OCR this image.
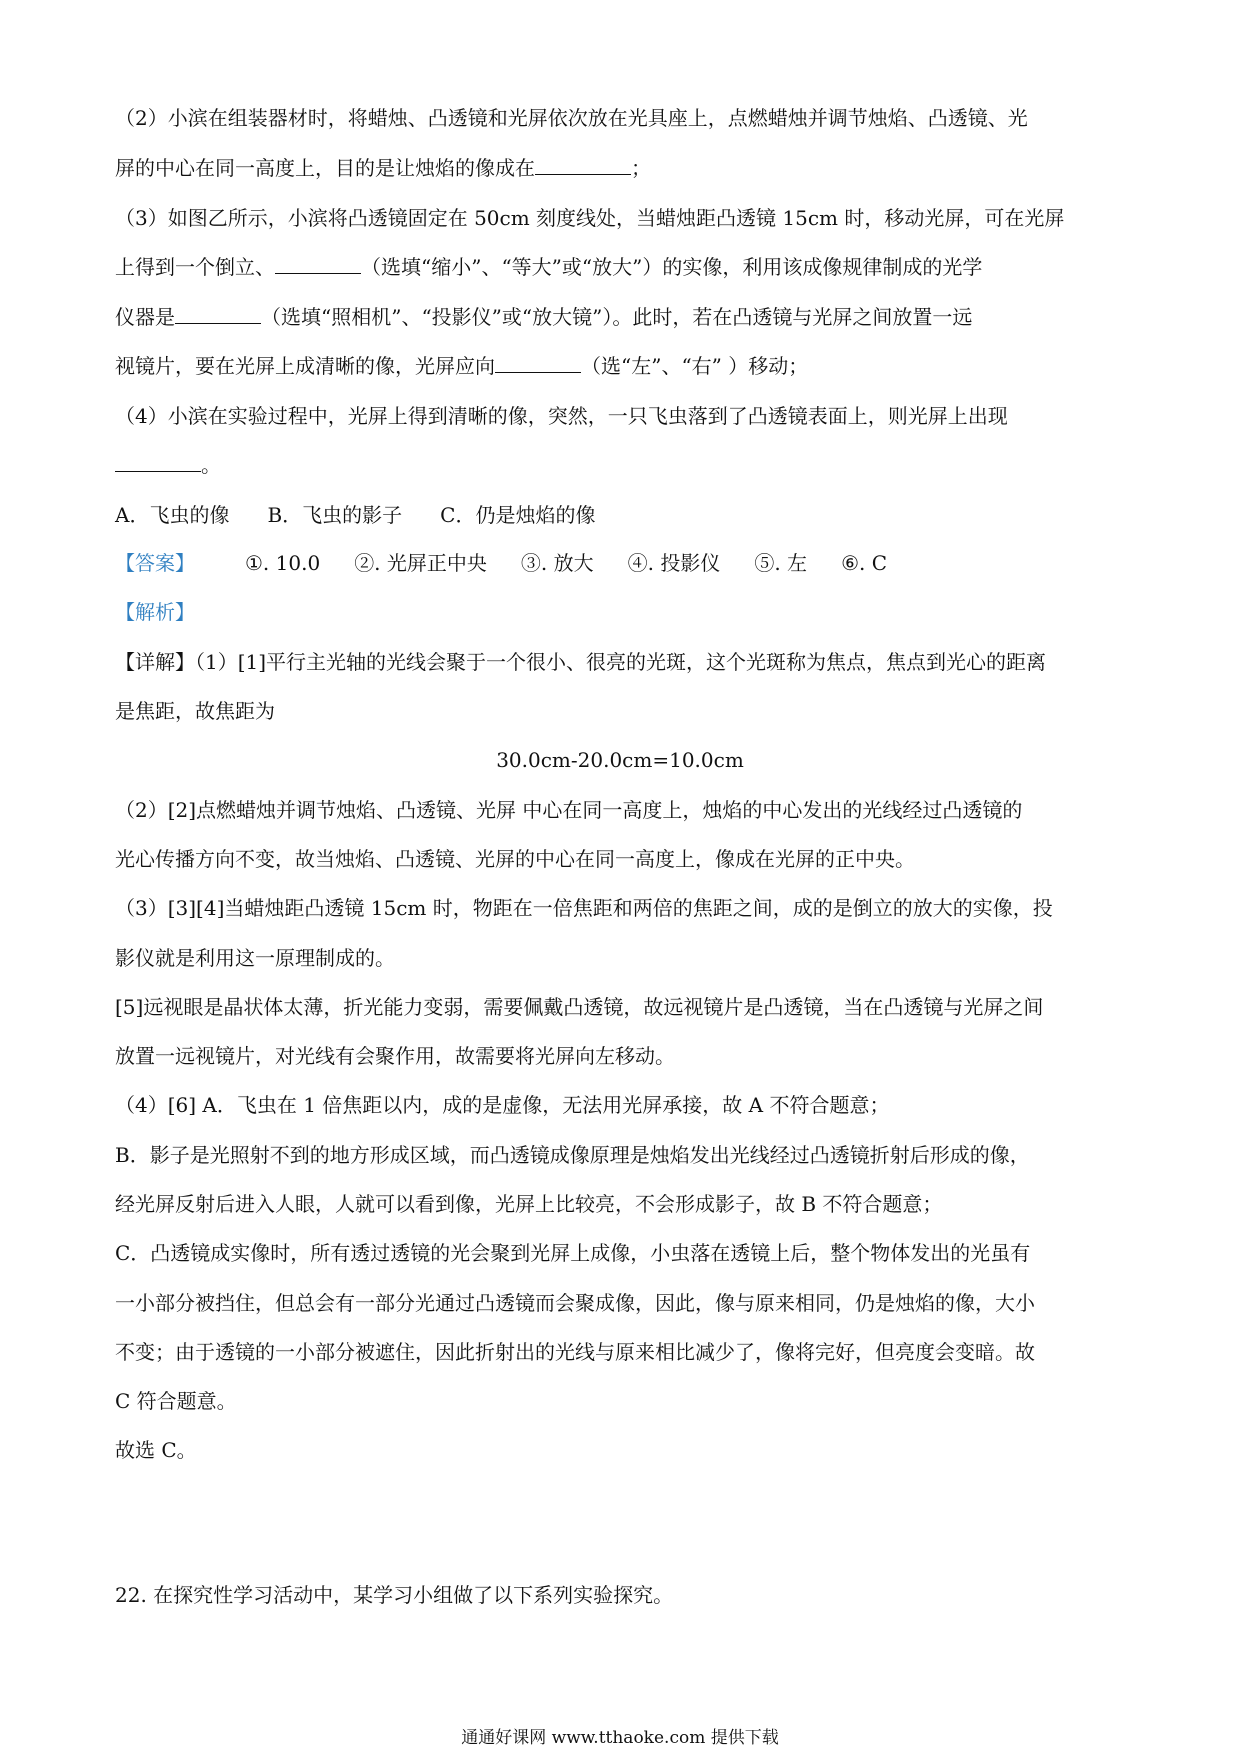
（2）小滨在组装器材时，将蜡烛、凸透镜和光屏依次放在光具座上，点燃蜡烛并调节烛焰、凸透镜、光
屏的中心在同一高度上，目的是让烛焰的像成在	；
（3）如图乙所示，小滨将凸透镜固定在 50cm 刻度线处，当蜡烛距凸透镜 15cm 时，移动光屏，可在光屏
上得到一个倒立、	（选填“缩小”、“等大”或“放大”）的实像，利用该成像规律制成的光学
仪器是	（选填“照相机”、“投影仪”或“放大镜”）。此时，若在凸透镜与光屏之间放置一远
视镜片，要在光屏上成清晰的像，光屏应向	（选“左”、“右” ）移动；
（4）小滨在实验过程中，光屏上得到清晰的像，突然，一只飞虫落到了凸透镜表面上，则光屏上出现
。
A．飞虫的像 B．飞虫的影子 C．仍是烛焰的像
【答案】	①. 10.0 ②. 光屏正中央 ③. 放大 ④. 投影仪 ⑤. 左 ⑥. C
【解析】
【详解】（1）[1]平行主光轴的光线会聚于一个很小、很亮的光斑，这个光斑称为焦点，焦点到光心的距离
是焦距，故焦距为
30.0cm-20.0cm=10.0cm
（2）[2]点燃蜡烛并调节烛焰、凸透镜、光屏 中心在同一高度上，烛焰的中心发出的光线经过凸透镜的
光心传播方向不变，故当烛焰、凸透镜、光屏的中心在同一高度上，像成在光屏的正中央。
（3）[3][4]当蜡烛距凸透镜 15cm 时，物距在一倍焦距和两倍的焦距之间，成的是倒立的放大的实像，投
影仪就是利用这一原理制成的。
[5]远视眼是晶状体太薄，折光能力变弱，需要佩戴凸透镜，故远视镜片是凸透镜，当在凸透镜与光屏之间
放置一远视镜片，对光线有会聚作用，故需要将光屏向左移动。
（4）[6] A．飞虫在 1 倍焦距以内，成的是虚像，无法用光屏承接，故 A 不符合题意；
B．影子是光照射不到的地方形成区域，而凸透镜成像原理是烛焰发出光线经过凸透镜折射后形成的像，
经光屏反射后进入人眼，人就可以看到像，光屏上比较亮，不会形成影子，故 B 不符合题意；
C．凸透镜成实像时，所有透过透镜的光会聚到光屏上成像，小虫落在透镜上后，整个物体发出的光虽有
一小部分被挡住，但总会有一部分光通过凸透镜而会聚成像，因此，像与原来相同，仍是烛焰的像，大小
不变；由于透镜的一小部分被遮住，因此折射出的光线与原来相比减少了，像将完好，但亮度会变暗。故
C 符合题意。
故选 C。
22. 在探究性学习活动中，某学习小组做了以下系列实验探究。
通通好课网 www.tthaoke.com 提供下载
